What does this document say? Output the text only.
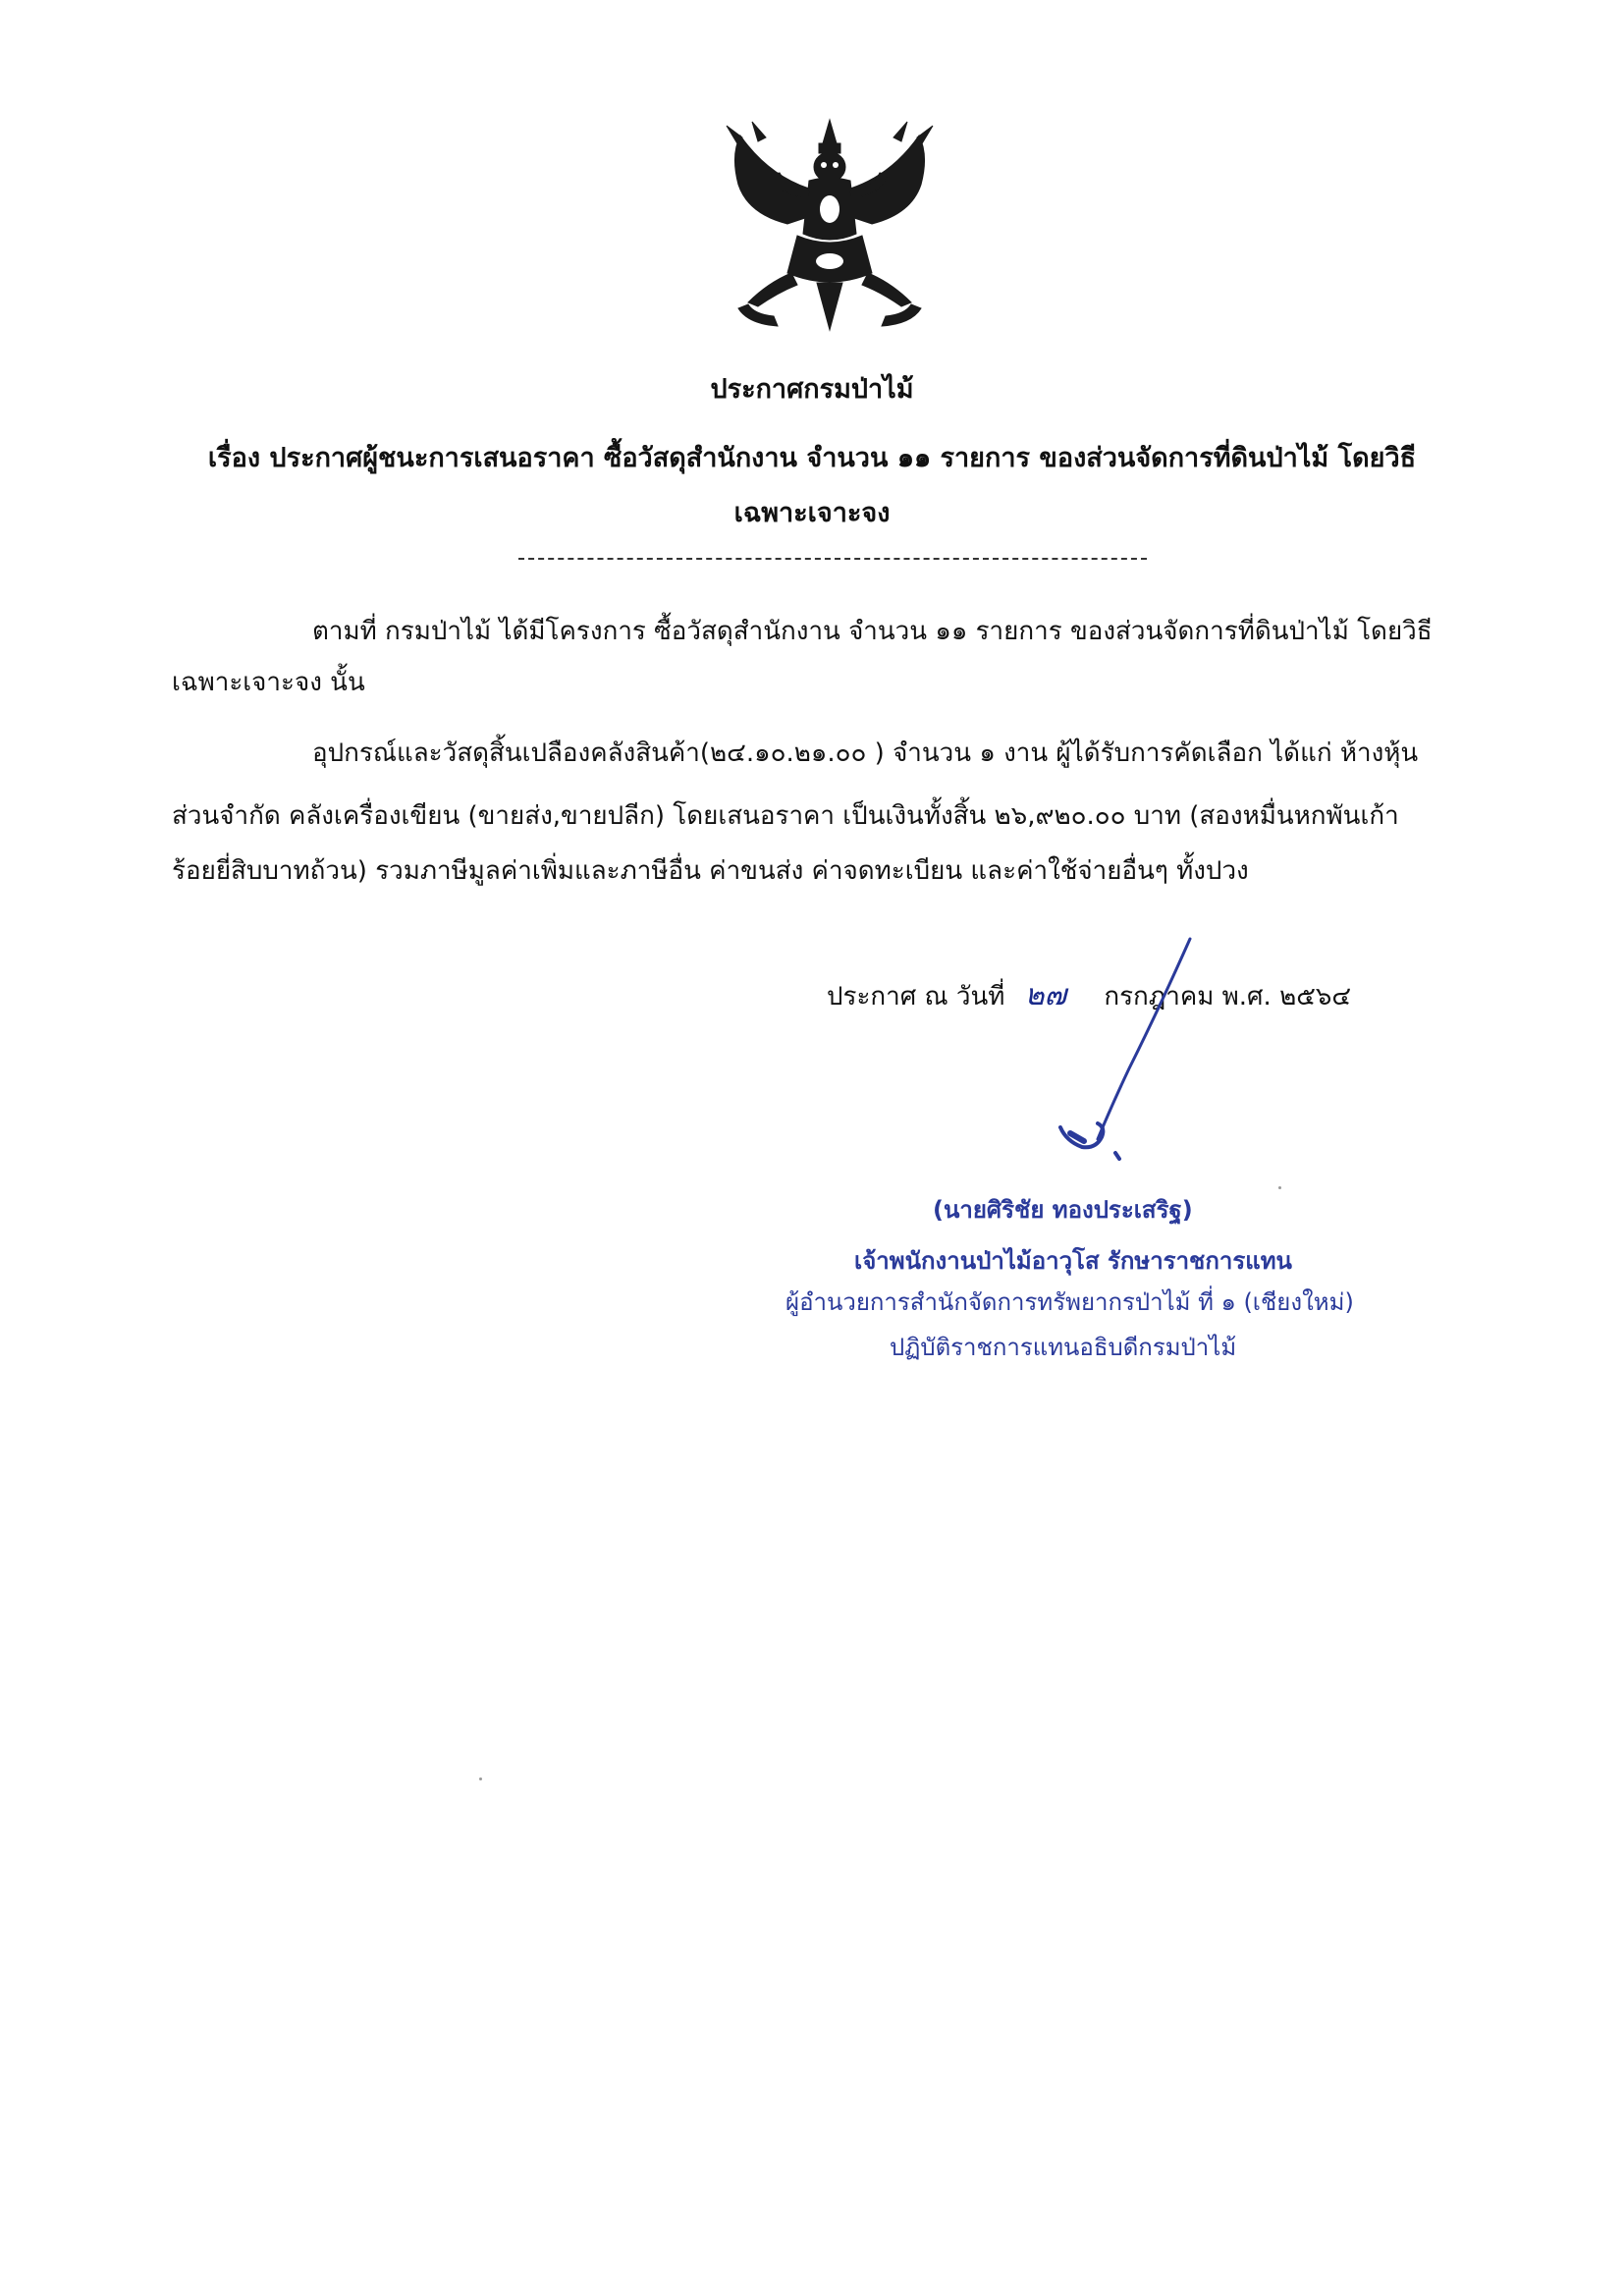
ประกาศกรมป่าไม้
เรื่อง ประกาศผู้ชนะการเสนอราคา ซื้อวัสดุสำนักงาน จำนวน ๑๑ รายการ ของส่วนจัดการที่ดินป่าไม้ โดยวิธี
เฉพาะเจาะจง
ตามที่ กรมป่าไม้ ได้มีโครงการ ซื้อวัสดุสำนักงาน จำนวน ๑๑ รายการ ของส่วนจัดการที่ดินป่าไม้ โดยวิธี
เฉพาะเจาะจง นั้น
อุปกรณ์และวัสดุสิ้นเปลืองคลังสินค้า(๒๔.๑๐.๒๑.๐๐ ) จำนวน ๑ งาน ผู้ได้รับการคัดเลือก ได้แก่ ห้างหุ้น
ส่วนจำกัด คลังเครื่องเขียน (ขายส่ง,ขายปลีก) โดยเสนอราคา เป็นเงินทั้งสิ้น ๒๖,๙๒๐.๐๐ บาท (สองหมื่นหกพันเก้า
ร้อยยี่สิบบาทถ้วน) รวมภาษีมูลค่าเพิ่มและภาษีอื่น ค่าขนส่ง ค่าจดทะเบียน และค่าใช้จ่ายอื่นๆ ทั้งปวง
ประกาศ ณ วันที่ ๒๗ กรกฎาคม พ.ศ. ๒๕๖๔
(นายศิริชัย ทองประเสริฐ)
เจ้าพนักงานป่าไม้อาวุโส รักษาราชการแทน
ผู้อำนวยการสำนักจัดการทรัพยากรป่าไม้ ที่ ๑ (เชียงใหม่)
ปฏิบัติราชการแทนอธิบดีกรมป่าไม้
